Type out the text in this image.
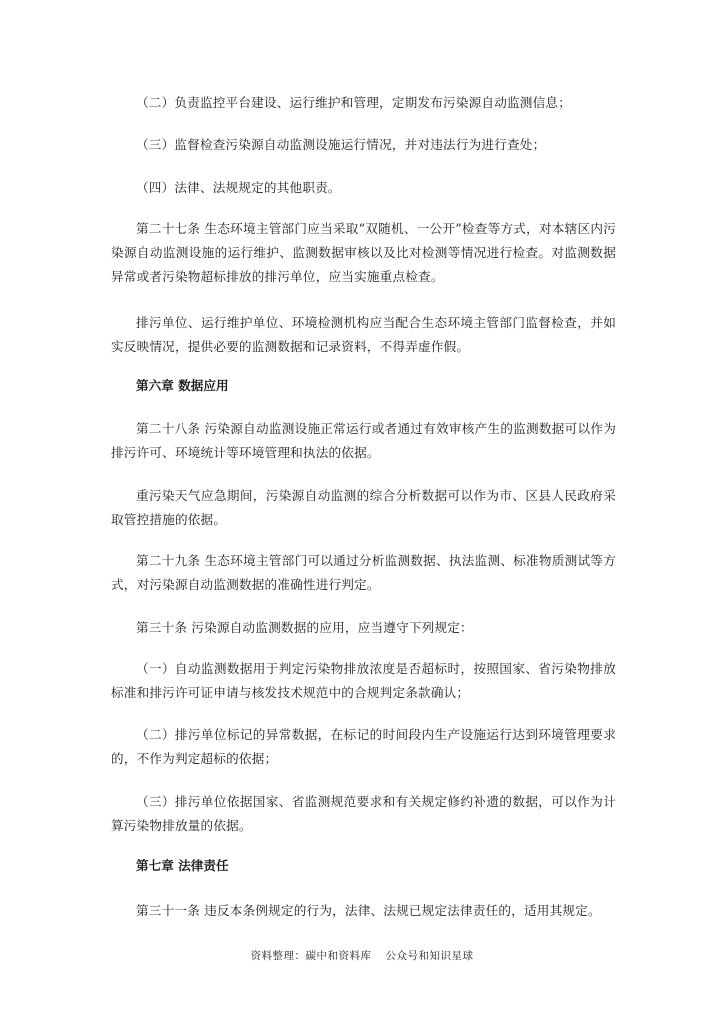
（二）负责监控平台建设、运行维护和管理，定期发布污染源自动监测信息；

（三）监督检查污染源自动监测设施运行情况，并对违法行为进行查处；

（四）法律、法规规定的其他职责。

第二十七条 生态环境主管部门应当采取“双随机、一公开”检查等方式，对本辖区内污染源自动监测设施的运行维护、监测数据审核以及比对检测等情况进行检查。对监测数据异常或者污染物超标排放的排污单位，应当实施重点检查。

排污单位、运行维护单位、环境检测机构应当配合生态环境主管部门监督检查，并如实反映情况，提供必要的监测数据和记录资料，不得弄虚作假。

第六章 数据应用

第二十八条 污染源自动监测设施正常运行或者通过有效审核产生的监测数据可以作为排污许可、环境统计等环境管理和执法的依据。

重污染天气应急期间，污染源自动监测的综合分析数据可以作为市、区县人民政府采取管控措施的依据。

第二十九条 生态环境主管部门可以通过分析监测数据、执法监测、标准物质测试等方式，对污染源自动监测数据的准确性进行判定。

第三十条 污染源自动监测数据的应用，应当遵守下列规定：

（一）自动监测数据用于判定污染物排放浓度是否超标时，按照国家、省污染物排放标准和排污许可证申请与核发技术规范中的合规判定条款确认；

（二）排污单位标记的异常数据，在标记的时间段内生产设施运行达到环境管理要求的，不作为判定超标的依据；

（三）排污单位依据国家、省监测规范要求和有关规定修约补遗的数据，可以作为计算污染物排放量的依据。

第七章 法律责任

第三十一条 违反本条例规定的行为，法律、法规已规定法律责任的，适用其规定。

资料整理：碳中和资料库 公众号和知识星球
